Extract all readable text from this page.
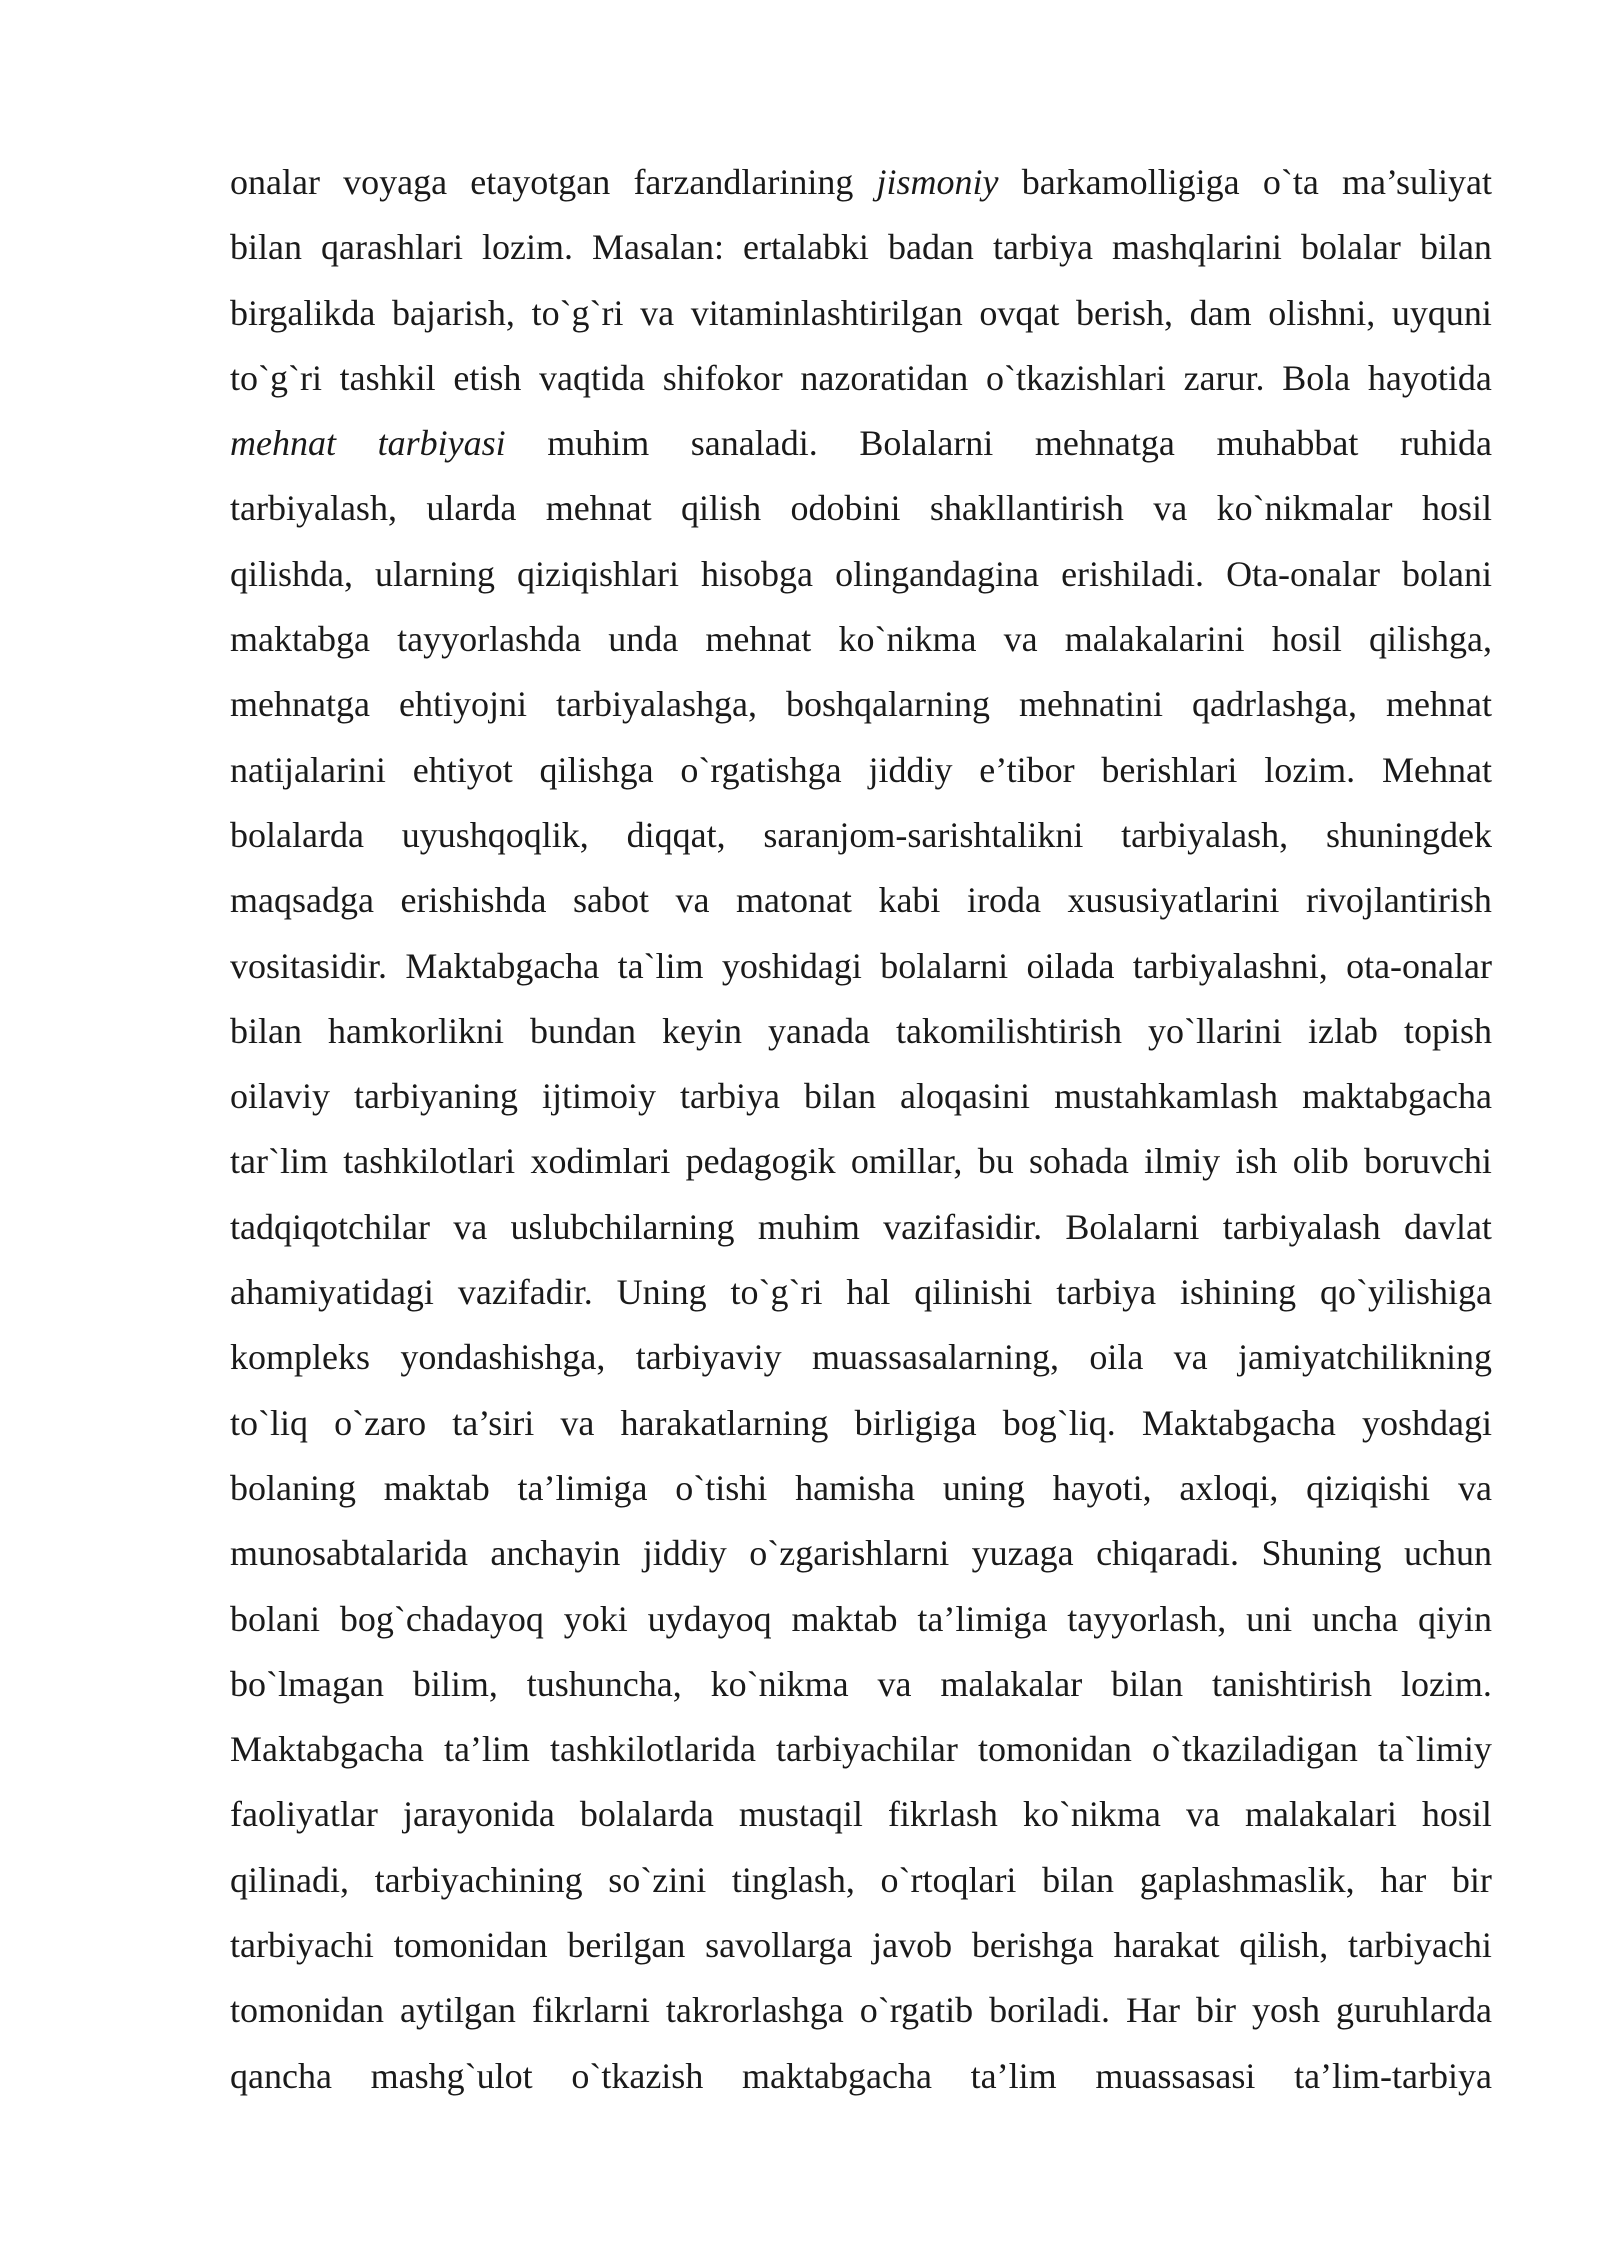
onalar voyaga etayotgan farzandlarining jismoniy barkamolligiga o`ta ma’suliyat
bilan qarashlari lozim. Masalan: ertalabki badan tarbiya mashqlarini bolalar bilan
birgalikda bajarish, to`g`ri va vitaminlashtirilgan ovqat berish, dam olishni, uyquni
to`g`ri tashkil etish vaqtida shifokor nazoratidan o`tkazishlari zarur. Bola hayotida
mehnat tarbiyasi muhim sanaladi. Bolalarni mehnatga muhabbat ruhida
tarbiyalash, ularda mehnat qilish odobini shakllantirish va ko`nikmalar hosil
qilishda, ularning qiziqishlari hisobga olingandagina erishiladi. Ota-onalar bolani
maktabga tayyorlashda unda mehnat ko`nikma va malakalarini hosil qilishga,
mehnatga ehtiyojni tarbiyalashga, boshqalarning mehnatini qadrlashga, mehnat
natijalarini ehtiyot qilishga o`rgatishga jiddiy e’tibor berishlari lozim. Mehnat
bolalarda uyushqoqlik, diqqat, saranjom-sarishtalikni tarbiyalash, shuningdek
maqsadga erishishda sabot va matonat kabi iroda xususiyatlarini rivojlantirish
vositasidir. Maktabgacha ta`lim yoshidagi bolalarni oilada tarbiyalashni, ota-onalar
bilan hamkorlikni bundan keyin yanada takomilishtirish yo`llarini izlab topish
oilaviy tarbiyaning ijtimoiy tarbiya bilan aloqasini mustahkamlash maktabgacha
tar`lim tashkilotlari xodimlari pedagogik omillar, bu sohada ilmiy ish olib boruvchi
tadqiqotchilar va uslubchilarning muhim vazifasidir. Bolalarni tarbiyalash davlat
ahamiyatidagi vazifadir. Uning to`g`ri hal qilinishi tarbiya ishining qo`yilishiga
kompleks yondashishga, tarbiyaviy muassasalarning, oila va jamiyatchilikning
to`liq o`zaro ta’siri va harakatlarning birligiga bog`liq. Maktabgacha yoshdagi
bolaning maktab ta’limiga o`tishi hamisha uning hayoti, axloqi, qiziqishi va
munosabtalarida anchayin jiddiy o`zgarishlarni yuzaga chiqaradi. Shuning uchun
bolani bog`chadayoq yoki uydayoq maktab ta’limiga tayyorlash, uni uncha qiyin
bo`lmagan bilim, tushuncha, ko`nikma va malakalar bilan tanishtirish lozim.
Maktabgacha ta’lim tashkilotlarida tarbiyachilar tomonidan o`tkaziladigan ta`limiy
faoliyatlar jarayonida bolalarda mustaqil fikrlash ko`nikma va malakalari hosil
qilinadi, tarbiyachining so`zini tinglash, o`rtoqlari bilan gaplashmaslik, har bir
tarbiyachi tomonidan berilgan savollarga javob berishga harakat qilish, tarbiyachi
tomonidan aytilgan fikrlarni takrorlashga o`rgatib boriladi. Har bir yosh guruhlarda
qancha mashg`ulot o`tkazish maktabgacha ta’lim muassasasi ta’lim-tarbiya
